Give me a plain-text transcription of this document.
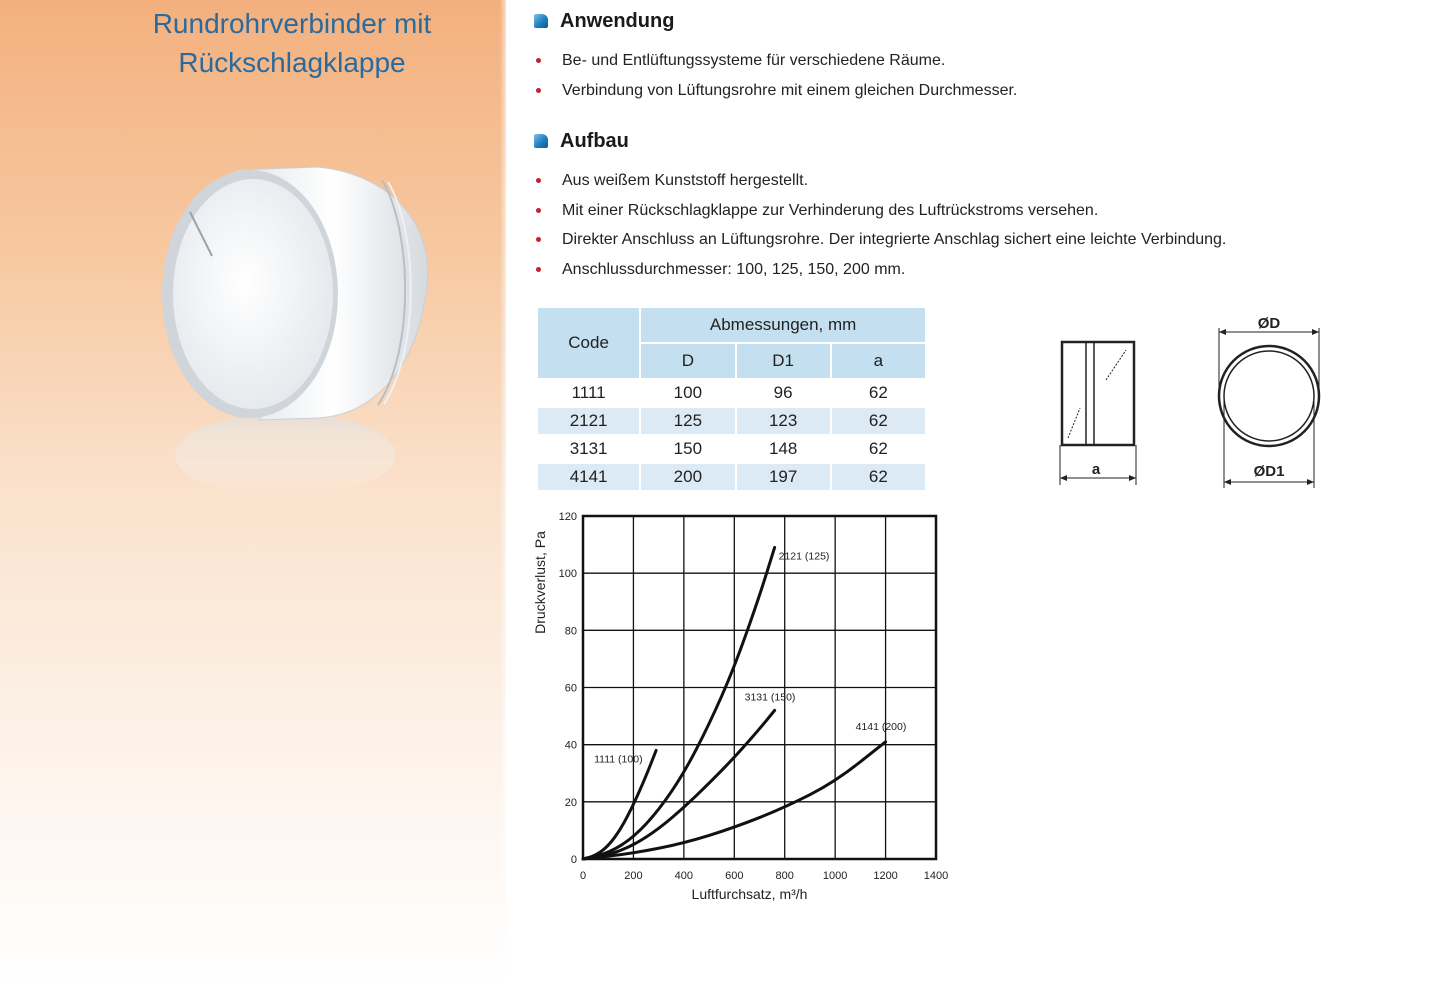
Rundrohrverbinder mit
Rückschlagklappe
Anwendung
Be- und Entlüftungssysteme für verschiedene Räume.
Verbindung von Lüftungsrohre mit einem gleichen Durchmesser.
Aufbau
Aus weißem Kunststoff hergestellt.
Mit einer Rückschlagklappe zur Verhinderung des Luftrückstroms versehen.
Direkter Anschluss an Lüftungsrohre. Der integrierte Anschlag sichert eine leichte Verbindung.
Anschlussdurchmesser: 100, 125, 150, 200 mm.
Code	Abmessungen, mm		
	D	D1	a
1111	100	96	62
2121	125	123	62
3131	150	148	62
4141	200	197	62	a
ØD
ØD1
0	200	400	600	800	1000 1200 1400
0
20
40
60
80
100
120
1111 (100)
2121 (125)
3131 (150)
4141 (200)
Luftfurchsatz, m³/h
Druckverlust, Pa
